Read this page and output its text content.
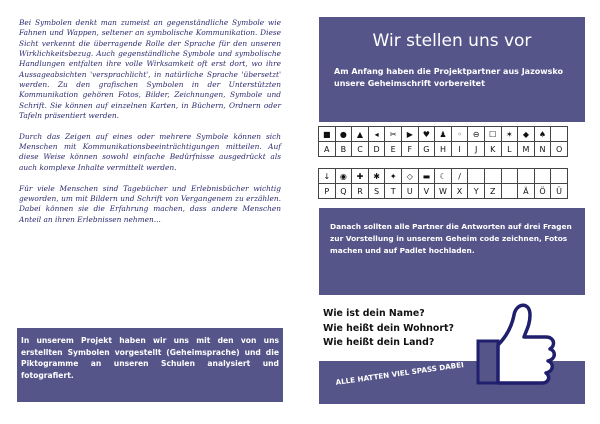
Bei Symbolen denkt man zumeist an gegenständliche Symbole wie Fahnen und Wappen, seltener an symbolische Kommunikation. Diese Sicht verkennt die überragende Rolle der Sprache für den unseren Wirklichkeitsbezug. Auch gegenständliche Symbole und symbolische Handlungen entfalten ihre volle Wirksamkeit oft erst dort, wo ihre Aussageabsichten 'versprachlicht', in natürliche Sprache 'übersetzt' werden. Zu den grafischen Symbolen in der Unterstützten Kommunikation gehören Fotos, Bilder, Zeichnungen, Symbole und Schrift. Sie können auf einzelnen Karten, in Büchern, Ordnern oder Tafeln präsentiert werden.

Durch das Zeigen auf eines oder mehrere Symbole können sich Menschen mit Kommunikationsbeeinträchtigungen mitteilen. Auf diese Weise können sowohl einfache Bedürfnisse ausgedrückt als auch komplexe Inhalte vermittelt werden.

Für viele Menschen sind Tagebücher und Erlebnisbücher wichtig geworden, um mit Bildern und Schrift von Vergangenem zu erzählen. Dabei können sie die Erfahrung machen, dass andere Menschen Anteil an ihren Erlebnissen nehmen...

In unserem Projekt haben wir uns mit den von uns erstellten Symbolen vorgestellt (Geheimsprache) und die Piktogramme an unseren Schulen analysiert und fotografiert.
Wir stellen uns vor
Am Anfang haben die Projektpartner aus Jazowsko unsere Geheimschrift vorbereitet
■	●	▲	◂	✂	▶	♥	♟	◦	⊖	☐	✶	◆	♠	
A	B	C	D	E	F	G	H	I	J	K	L	M	N	O
↓	◉	✚	✱	✦	◇	▬	☾	/						
P	Q	R	S	T	U	V	W	X	Y	Z		Ä	Ö	Ü
Danach sollten alle Partner die Antworten auf drei Fragen zur Vorstellung in unserem Geheim code zeichnen, Fotos machen und auf Padlet hochladen.
Wie ist dein Name?
Wie heißt dein Wohnort?
Wie heißt dein Land?
ALLE HATTEN VIEL SPASS DABEI
